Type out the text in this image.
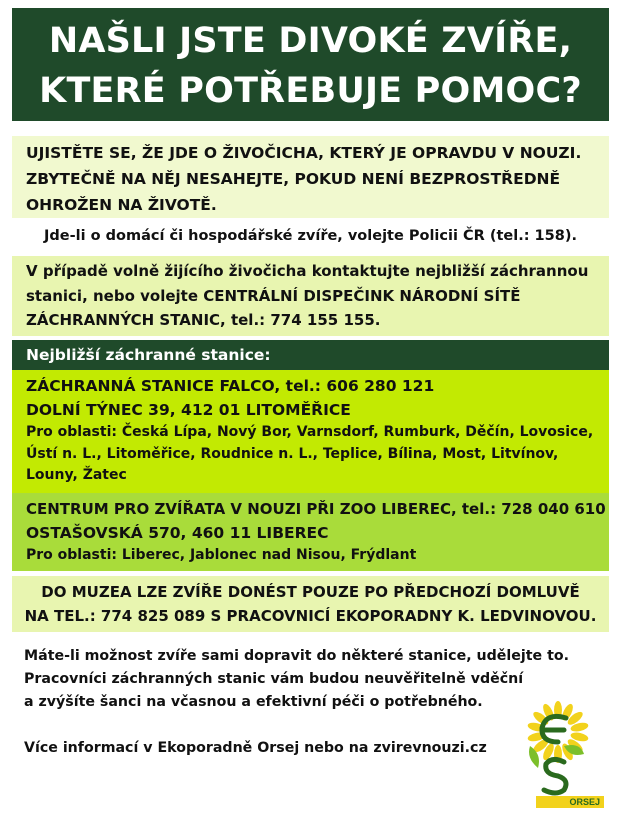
NAŠLI JSTE DIVOKÉ ZVÍŘE,
KTERÉ POTŘEBUJE POMOC?
UJISTĚTE SE, ŽE JDE O ŽIVOČICHA, KTERÝ JE OPRAVDU V NOUZI.
ZBYTEČNĚ NA NĚJ NESAHEJTE, POKUD NENÍ BEZPROSTŘEDNĚ
OHROŽEN NA ŽIVOTĚ.
Jde-li o domácí či hospodářské zvíře, volejte Policii ČR (tel.: 158).
V případě volně žijícího živočicha kontaktujte nejbližší záchrannou
stanici, nebo volejte CENTRÁLNÍ DISPEČINK NÁRODNÍ SÍTĚ
ZÁCHRANNÝCH STANIC, tel.: 774 155 155.
Nejbližší záchranné stanice:
ZÁCHRANNÁ STANICE FALCO, tel.: 606 280 121
DOLNÍ TÝNEC 39, 412 01 LITOMĚŘICE
Pro oblasti: Česká Lípa, Nový Bor, Varnsdorf, Rumburk, Děčín, Lovosice,
Ústí n. L., Litoměřice, Roudnice n. L., Teplice, Bílina, Most, Litvínov,
Louny, Žatec
CENTRUM PRO ZVÍŘATA V NOUZI PŘI ZOO LIBEREC, tel.: 728 040 610
OSTAŠOVSKÁ 570, 460 11 LIBEREC
Pro oblasti: Liberec, Jablonec nad Nisou, Frýdlant
DO MUZEA LZE ZVÍŘE DONÉST POUZE PO PŘEDCHOZÍ DOMLUVĚ
NA TEL.: 774 825 089 S PRACOVNICÍ EKOPORADNY K. LEDVINOVOU.
Máte-li možnost zvíře sami dopravit do některé stanice, udělejte to.
Pracovníci záchranných stanic vám budou neuvěřitelně vděční
a zvýšíte šanci na včasnou a efektivní péči o potřebného.
Více informací v Ekoporadně Orsej nebo na zvirevnouzi.cz
ORSEJ
